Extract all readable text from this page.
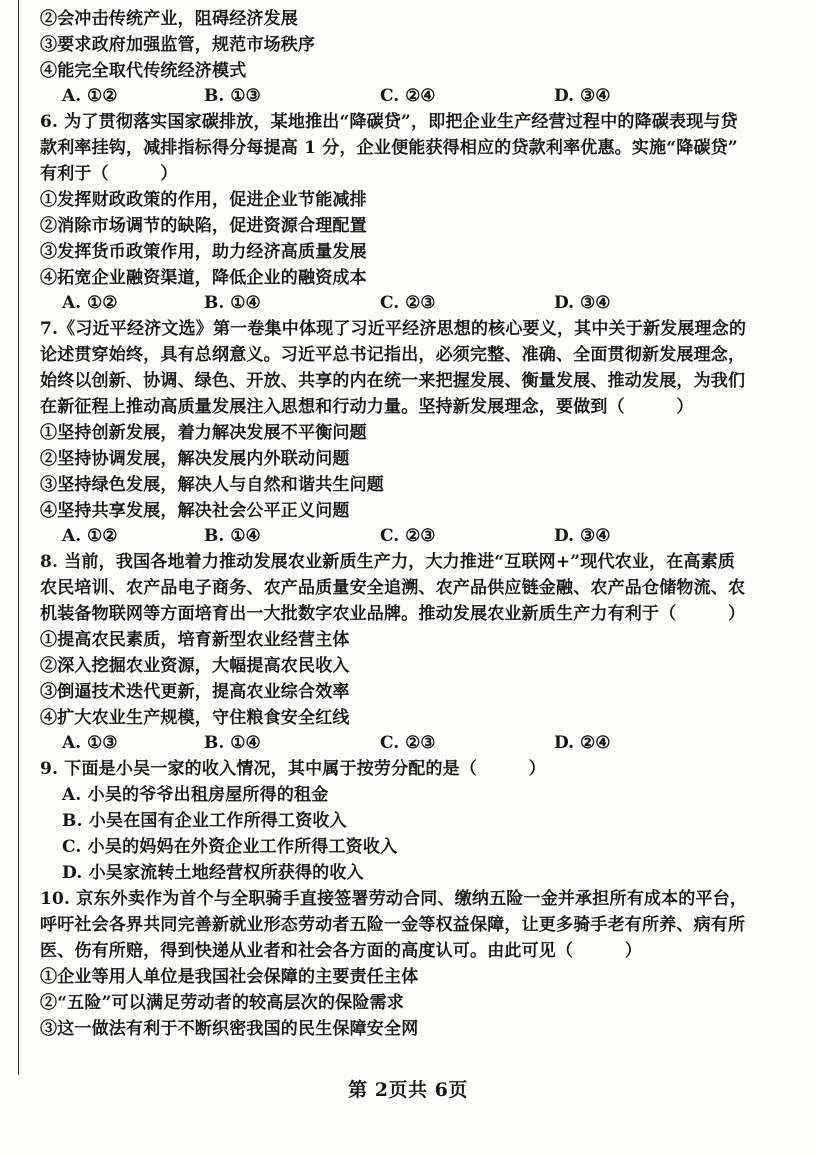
②会冲击传统产业，阻碍经济发展
③要求政府加强监管，规范市场秩序
④能完全取代传统经济模式
A. ①②	B. ①③	C. ②④	D. ③④
6. 为了贯彻落实国家碳排放，某地推出“降碳贷”，即把企业生产经营过程中的降碳表现与贷
款利率挂钩，减排指标得分每提高 1 分，企业便能获得相应的贷款利率优惠。实施“降碳贷”
有利于（　　　）
①发挥财政政策的作用，促进企业节能减排
②消除市场调节的缺陷，促进资源合理配置
③发挥货币政策作用，助力经济高质量发展
④拓宽企业融资渠道，降低企业的融资成本
A. ①②	B. ①④	C. ②③	D. ③④
7.《习近平经济文选》第一卷集中体现了习近平经济思想的核心要义，其中关于新发展理念的
论述贯穿始终，具有总纲意义。习近平总书记指出，必须完整、准确、全面贯彻新发展理念，
始终以创新、协调、绿色、开放、共享的内在统一来把握发展、衡量发展、推动发展，为我们
在新征程上推动高质量发展注入思想和行动力量。坚持新发展理念，要做到（　　　）
①坚持创新发展，着力解决发展不平衡问题
②坚持协调发展，解决发展内外联动问题
③坚持绿色发展，解决人与自然和谐共生问题
④坚持共享发展，解决社会公平正义问题
A. ①②	B. ①④	C. ②③	D. ③④
8. 当前，我国各地着力推动发展农业新质生产力，大力推进“互联网+”现代农业，在高素质
农民培训、农产品电子商务、农产品质量安全追溯、农产品供应链金融、农产品仓储物流、农
机装备物联网等方面培育出一大批数字农业品牌。推动发展农业新质生产力有利于（　　　）
①提高农民素质，培育新型农业经营主体
②深入挖掘农业资源，大幅提高农民收入
③倒逼技术迭代更新，提高农业综合效率
④扩大农业生产规模，守住粮食安全红线
A. ①③	B. ①④	C. ②③	D. ②④
9. 下面是小吴一家的收入情况，其中属于按劳分配的是（　　　）
A. 小吴的爷爷出租房屋所得的租金
B. 小吴在国有企业工作所得工资收入
C. 小吴的妈妈在外资企业工作所得工资收入
D. 小吴家流转土地经营权所获得的收入
10. 京东外卖作为首个与全职骑手直接签署劳动合同、缴纳五险一金并承担所有成本的平台，
呼吁社会各界共同完善新就业形态劳动者五险一金等权益保障，让更多骑手老有所养、病有所
医、伤有所赔，得到快递从业者和社会各方面的高度认可。由此可见（　　　）
①企业等用人单位是我国社会保障的主要责任主体
②“五险”可以满足劳动者的较高层次的保险需求
③这一做法有利于不断织密我国的民生保障安全网
第 2页共 6页
